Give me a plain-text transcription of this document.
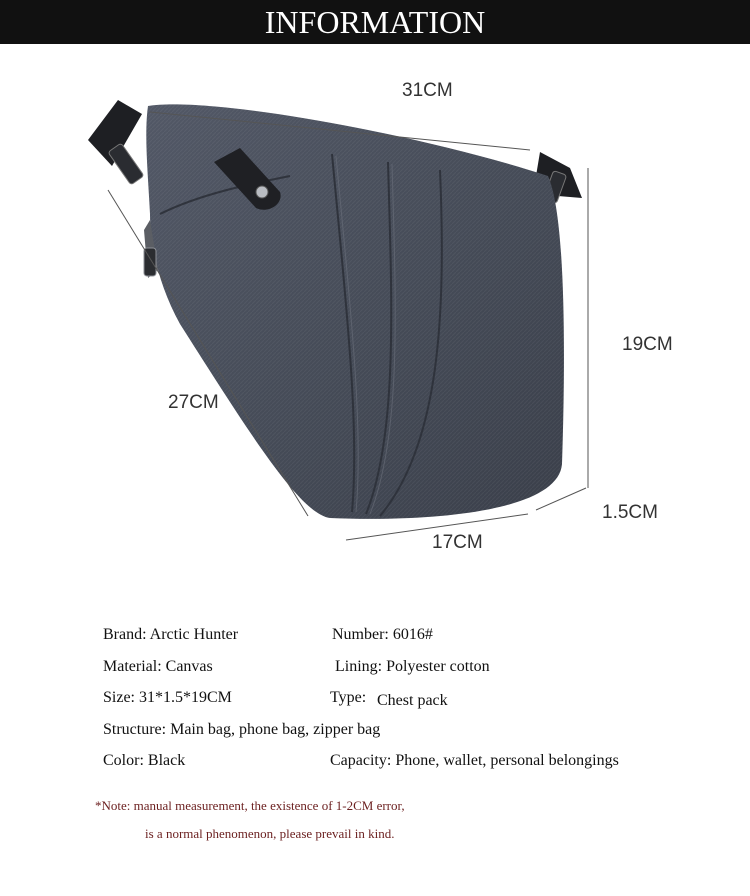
INFORMATION
31CM
27CM
19CM
1.5CM
17CM
Brand: Arctic Hunter	Number: 6016#
Material: Canvas	Lining: Polyester cotton
Size: 31*1.5*19CM	Type: Chest pack
Structure: Main bag, phone bag, zipper bag
Color: Black	Capacity: Phone, wallet, personal belongings
*Note: manual measurement, the existence of 1-2CM error,
is a normal phenomenon, please prevail in kind.
